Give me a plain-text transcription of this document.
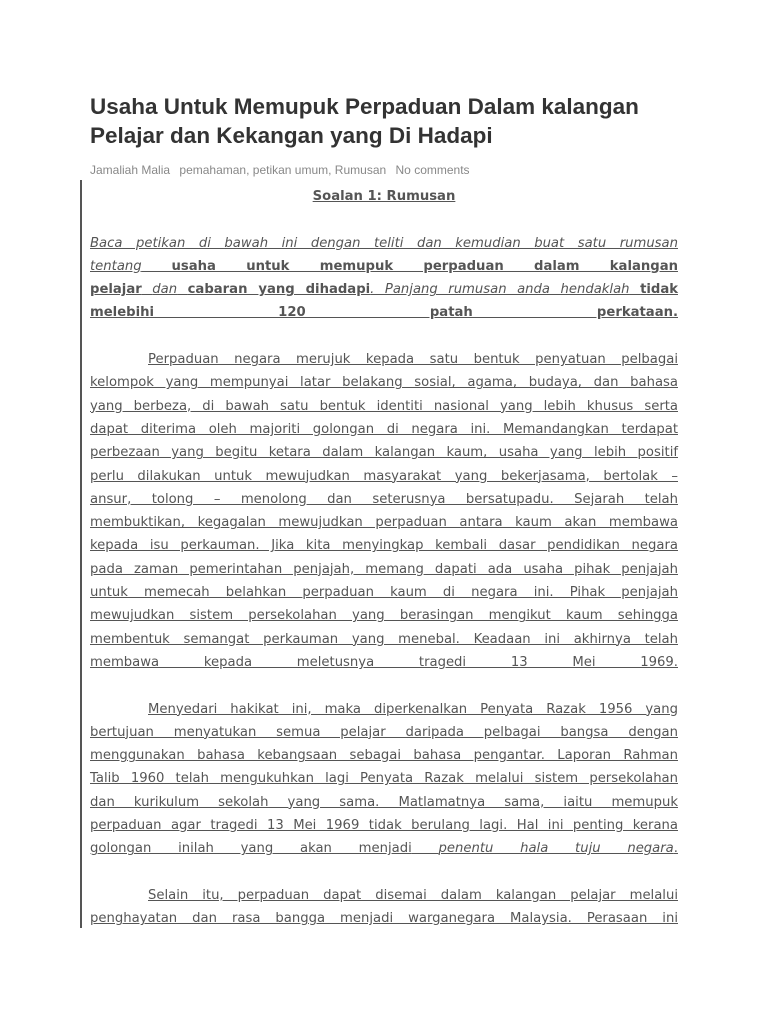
Usaha Untuk Memupuk Perpaduan Dalam kalangan Pelajar dan Kekangan yang Di Hadapi
Jamaliah Malia pemahaman, petikan umum, Rumusan No comments
Soalan 1: Rumusan
Baca petikan di bawah ini dengan teliti dan kemudian buat satu rumusan
tentang usaha untuk memupuk perpaduan dalam kalangan
pelajar dan cabaran yang dihadapi. Panjang rumusan anda hendaklah tidak
melebihi 120 patah perkataan.
Perpaduan negara merujuk kepada satu bentuk penyatuan pelbagai
kelompok yang mempunyai latar belakang sosial, agama, budaya, dan bahasa
yang berbeza, di bawah satu bentuk identiti nasional yang lebih khusus serta
dapat diterima oleh majoriti golongan di negara ini. Memandangkan terdapat
perbezaan yang begitu ketara dalam kalangan kaum, usaha yang lebih positif
perlu dilakukan untuk mewujudkan masyarakat yang bekerjasama, bertolak –
ansur, tolong – menolong dan seterusnya bersatupadu. Sejarah telah
membuktikan, kegagalan mewujudkan perpaduan antara kaum akan membawa
kepada isu perkauman. Jika kita menyingkap kembali dasar pendidikan negara
pada zaman pemerintahan penjajah, memang dapati ada usaha pihak penjajah
untuk memecah belahkan perpaduan kaum di negara ini. Pihak penjajah
mewujudkan sistem persekolahan yang berasingan mengikut kaum sehingga
membentuk semangat perkauman yang menebal. Keadaan ini akhirnya telah
membawa kepada meletusnya tragedi 13 Mei 1969.
Menyedari hakikat ini, maka diperkenalkan Penyata Razak 1956 yang
bertujuan menyatukan semua pelajar daripada pelbagai bangsa dengan
menggunakan bahasa kebangsaan sebagai bahasa pengantar. Laporan Rahman
Talib 1960 telah mengukuhkan lagi Penyata Razak melalui sistem persekolahan
dan kurikulum sekolah yang sama. Matlamatnya sama, iaitu memupuk
perpaduan agar tragedi 13 Mei 1969 tidak berulang lagi. Hal ini penting kerana
golongan inilah yang akan menjadi penentu hala tuju negara.
Selain itu, perpaduan dapat disemai dalam kalangan pelajar melalui
penghayatan dan rasa bangga menjadi warganegara Malaysia. Perasaan ini
